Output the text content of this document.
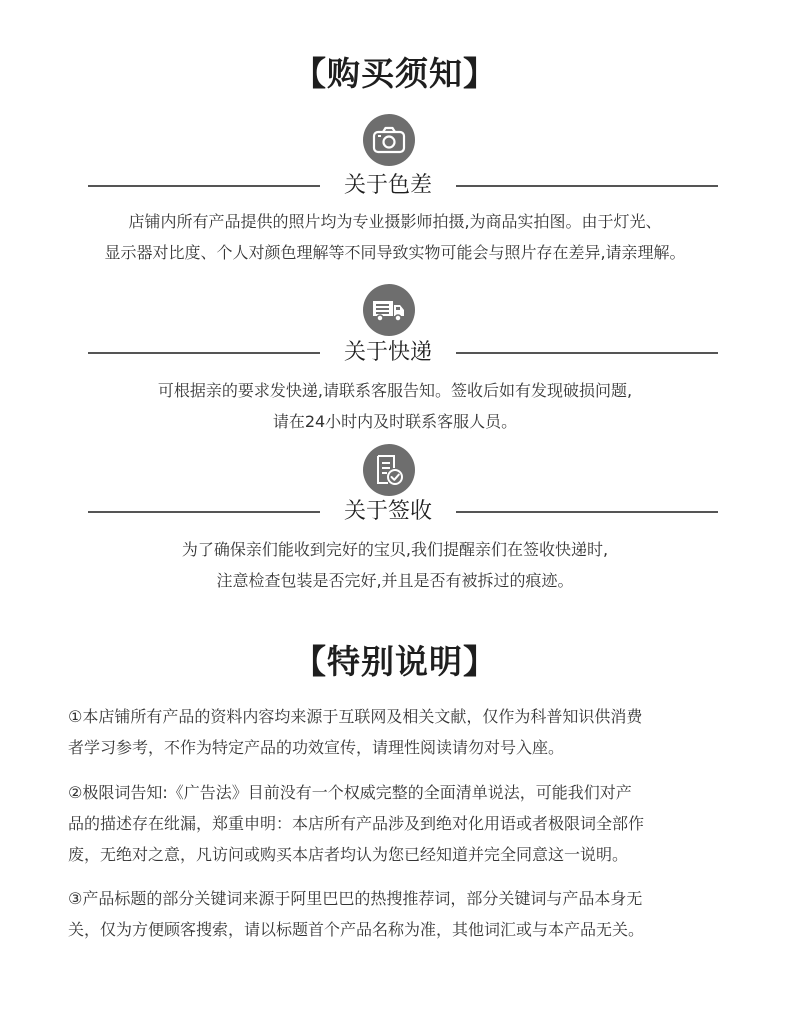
【购买须知】
关于色差
店铺内所有产品提供的照片均为专业摄影师拍摄,为商品实拍图。由于灯光、
显示器对比度、个人对颜色理解等不同导致实物可能会与照片存在差异,请亲理解。
关于快递
可根据亲的要求发快递,请联系客服告知。签收后如有发现破损问题,
请在24小时内及时联系客服人员。
关于签收
为了确保亲们能收到完好的宝贝,我们提醒亲们在签收快递时,
注意检查包装是否完好,并且是否有被拆过的痕迹。
【特别说明】
①本店铺所有产品的资料内容均来源于互联网及相关文献，仅作为科普知识供消费
者学习参考，不作为特定产品的功效宣传，请理性阅读请勿对号入座。
②极限词告知:《广告法》目前没有一个权威完整的全面清单说法，可能我们对产
品的描述存在纰漏，郑重申明：本店所有产品涉及到绝对化用语或者极限词全部作
废，无绝对之意，凡访问或购买本店者均认为您已经知道并完全同意这一说明。
③产品标题的部分关键词来源于阿里巴巴的热搜推荐词，部分关键词与产品本身无
关，仅为方便顾客搜索，请以标题首个产品名称为准，其他词汇或与本产品无关。
